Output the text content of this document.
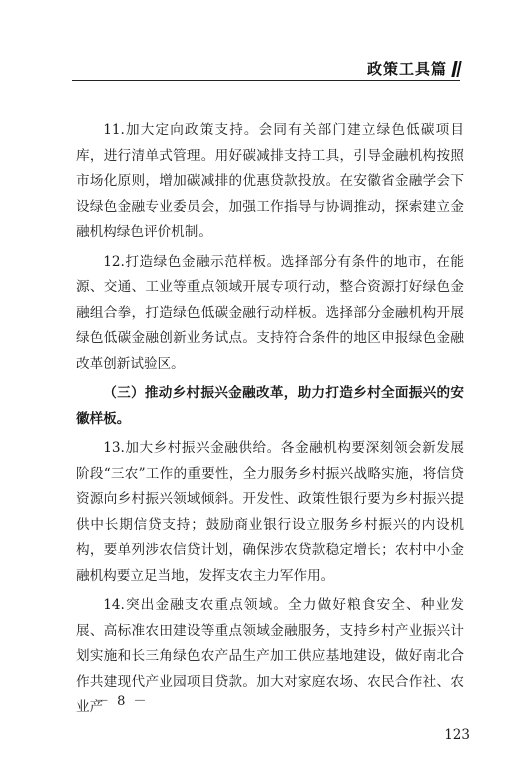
政策工具篇

11.加大定向政策支持。会同有关部门建立绿色低碳项目库，进行清单式管理。用好碳减排支持工具，引导金融机构按照市场化原则，增加碳减排的优惠贷款投放。在安徽省金融学会下设绿色金融专业委员会，加强工作指导与协调推动，探索建立金融机构绿色评价机制。

12.打造绿色金融示范样板。选择部分有条件的地市，在能源、交通、工业等重点领域开展专项行动，整合资源打好绿色金融组合拳，打造绿色低碳金融行动样板。选择部分金融机构开展绿色低碳金融创新业务试点。支持符合条件的地区申报绿色金融改革创新试验区。

（三）推动乡村振兴金融改革，助力打造乡村全面振兴的安徽样板。

13.加大乡村振兴金融供给。各金融机构要深刻领会新发展阶段“三农”工作的重要性，全力服务乡村振兴战略实施，将信贷资源向乡村振兴领域倾斜。开发性、政策性银行要为乡村振兴提供中长期信贷支持；鼓励商业银行设立服务乡村振兴的内设机构，要单列涉农信贷计划，确保涉农贷款稳定增长；农村中小金融机构要立足当地，发挥支农主力军作用。

14.突出金融支农重点领域。全力做好粮食安全、种业发展、高标准农田建设等重点领域金融服务，支持乡村产业振兴计划实施和长三角绿色农产品生产加工供应基地建设，做好南北合作共建现代产业园项目贷款。加大对家庭农场、农民合作社、农业产

－ 8 －
123
